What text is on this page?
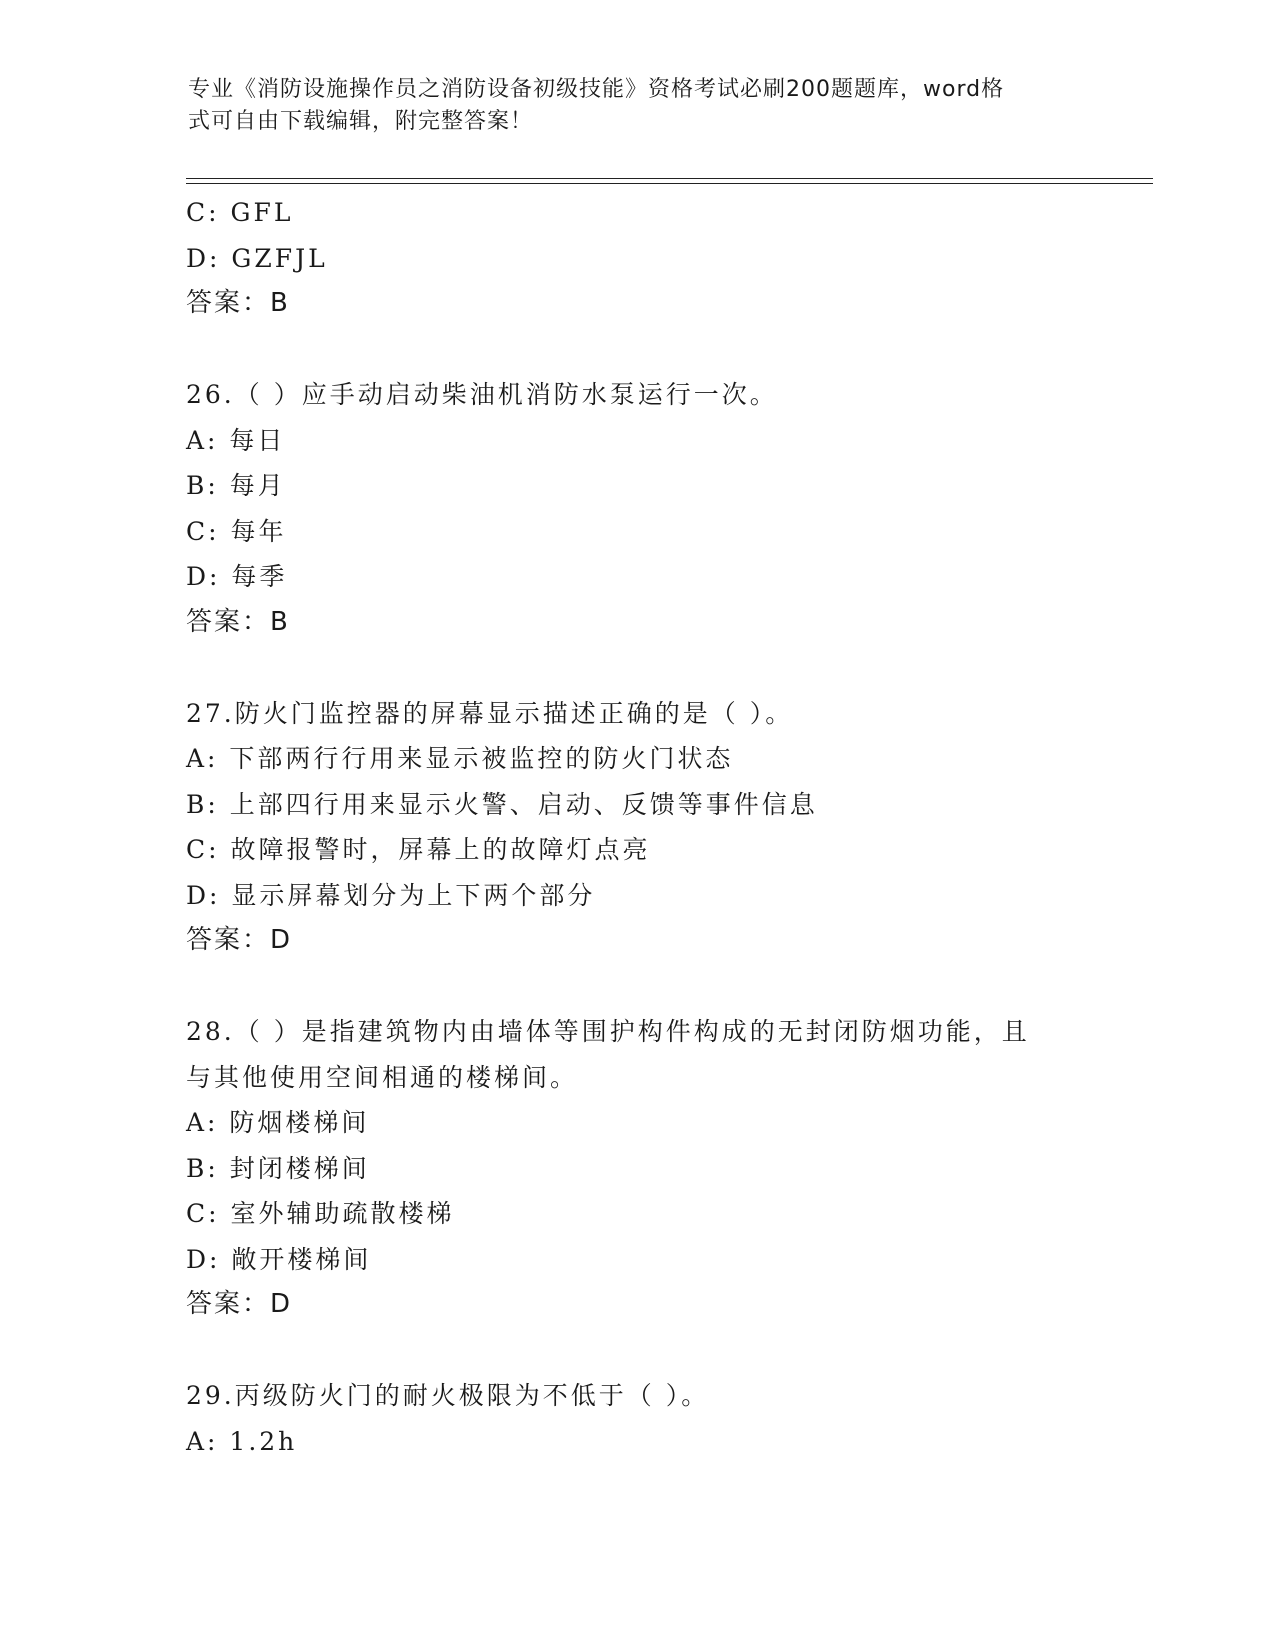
专业《消防设施操作员之消防设备初级技能》资格考试必刷200题题库，word格
式可自由下载编辑，附完整答案！
C: GFL
D: GZFJL
答案：B
26.（ ）应手动启动柴油机消防水泵运行一次。
A: 每日
B: 每月
C: 每年
D: 每季
答案：B
27.防火门监控器的屏幕显示描述正确的是（ ）。
A: 下部两行行用来显示被监控的防火门状态
B: 上部四行用来显示火警、启动、反馈等事件信息
C: 故障报警时，屏幕上的故障灯点亮
D: 显示屏幕划分为上下两个部分
答案：D
28.（ ）是指建筑物内由墙体等围护构件构成的无封闭防烟功能，且
与其他使用空间相通的楼梯间。
A: 防烟楼梯间
B: 封闭楼梯间
C: 室外辅助疏散楼梯
D: 敞开楼梯间
答案：D
29.丙级防火门的耐火极限为不低于（ ）。
A: 1.2h
